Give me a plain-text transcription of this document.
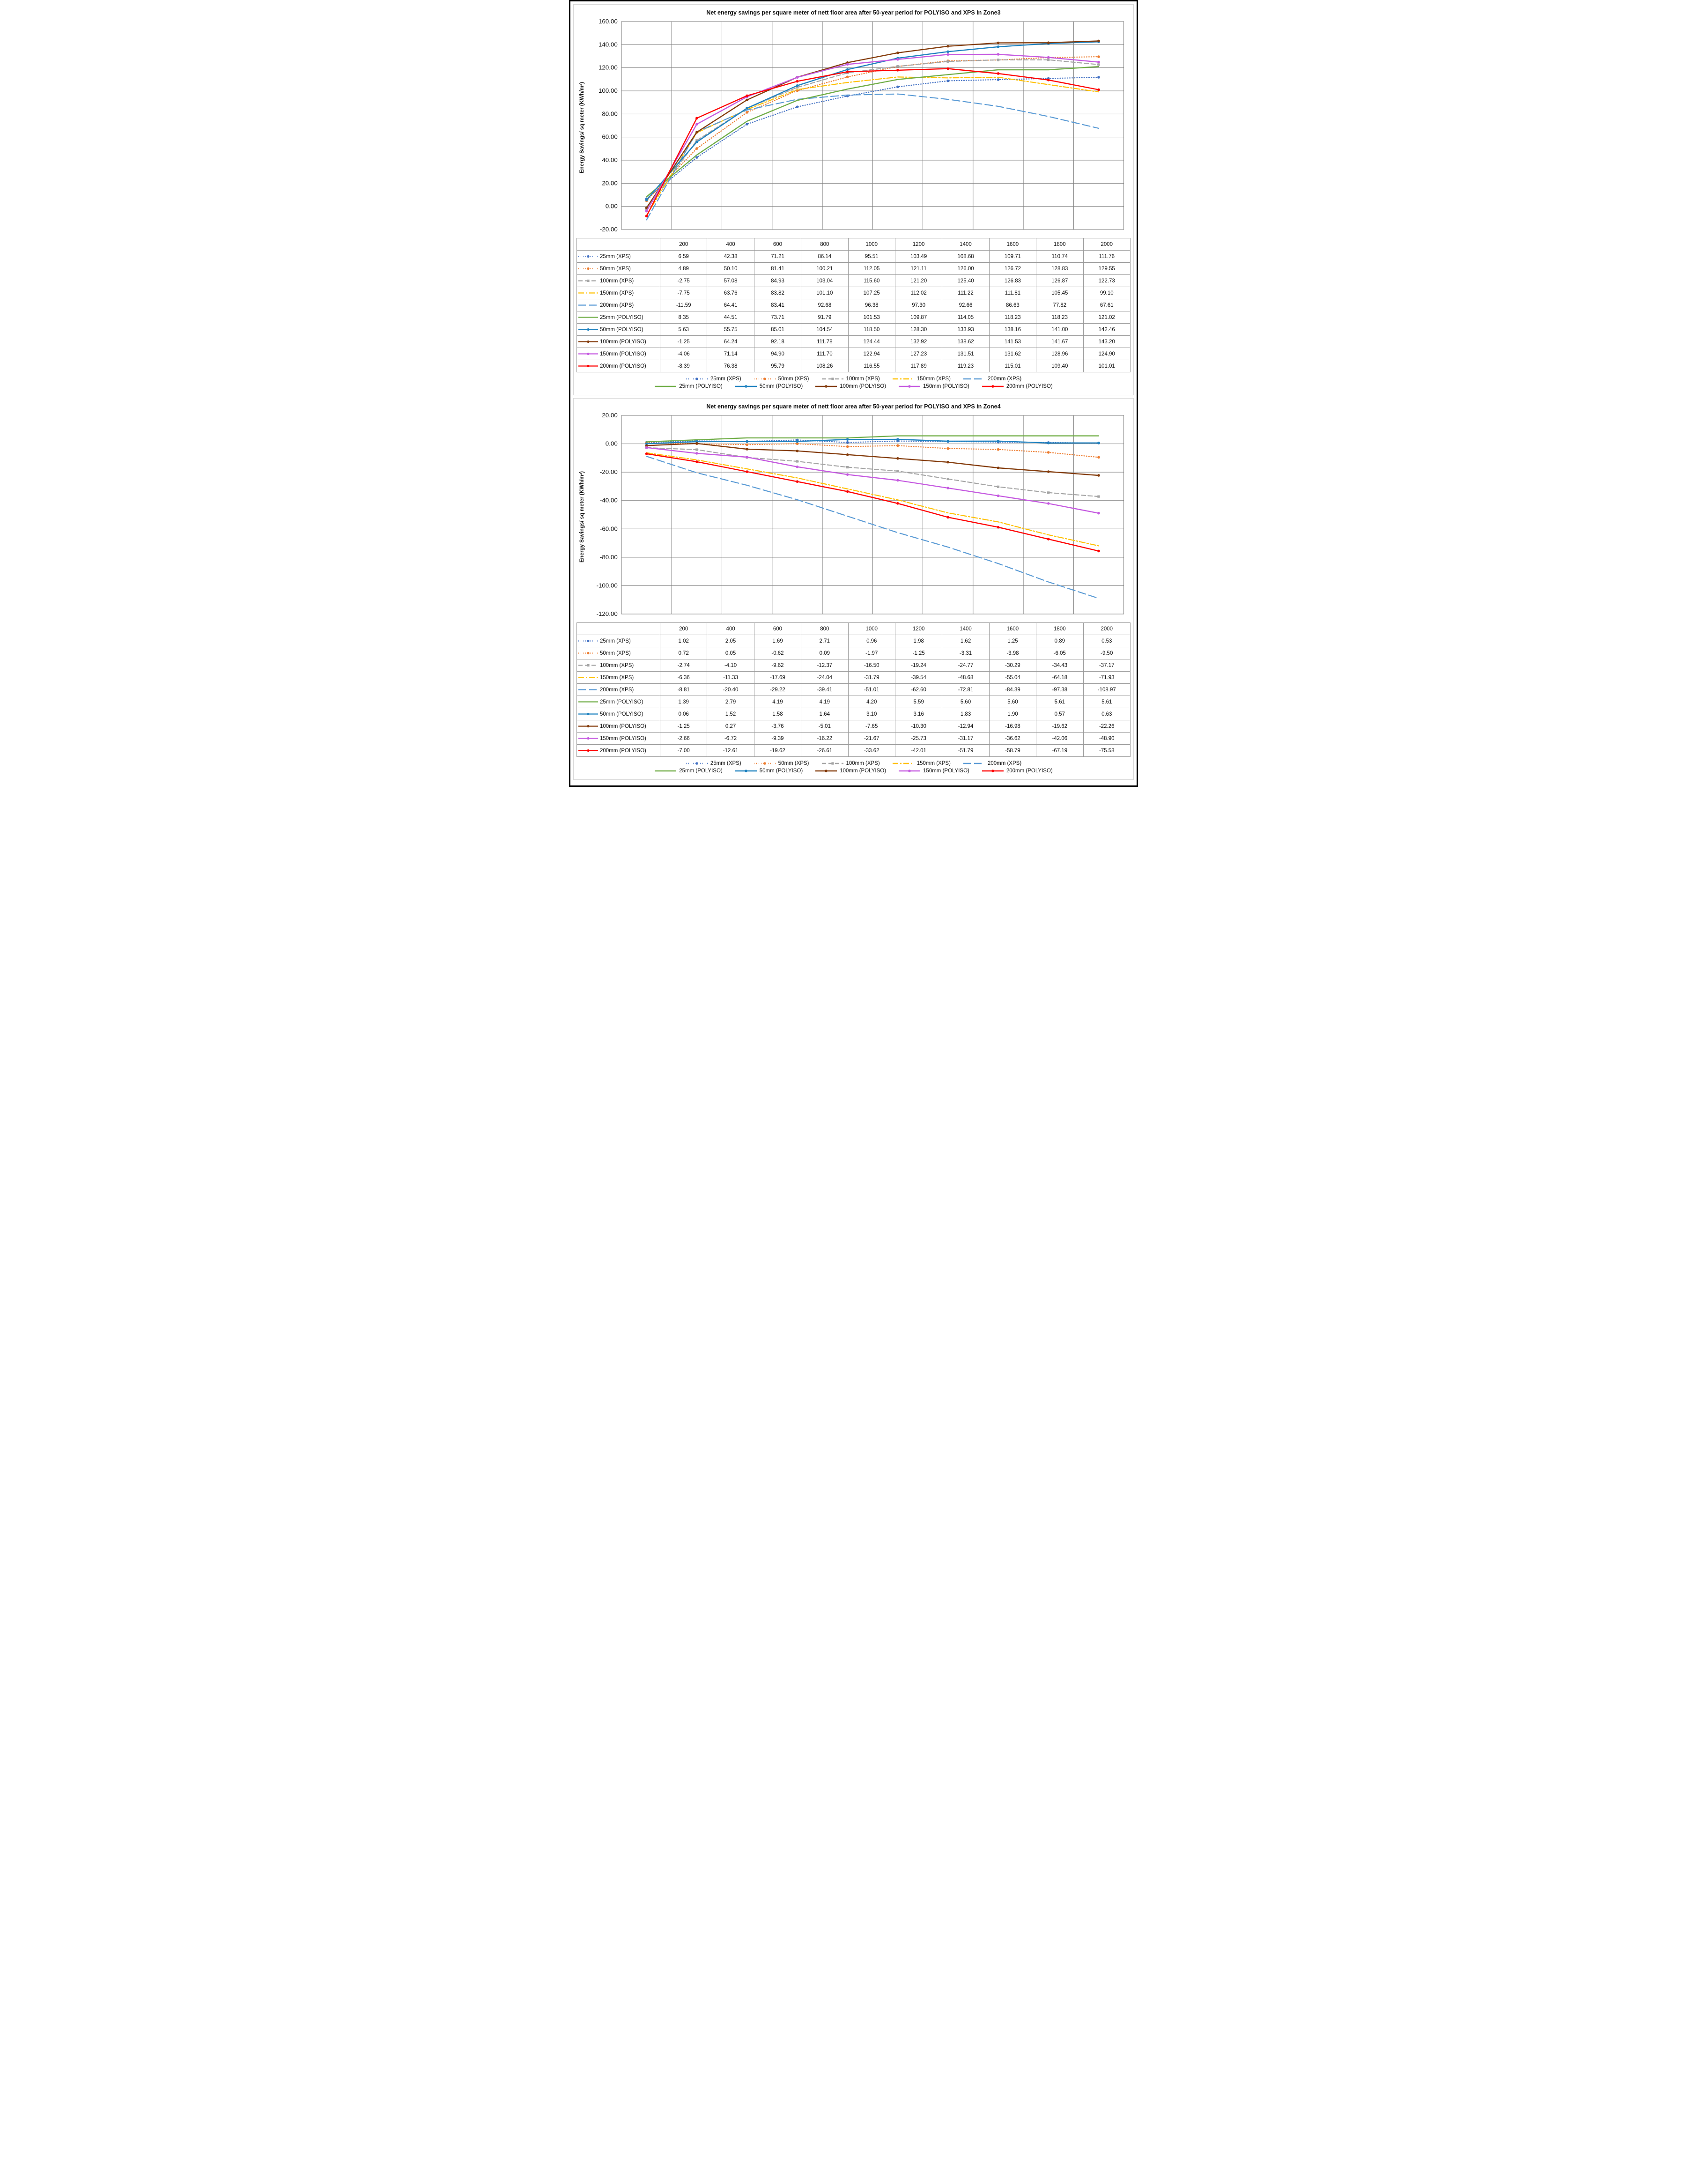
Net energy savings per square meter of nett floor area after 50-year period for POLYISO and XPS in Zone3
Energy Savings/ sq meter (KWh/m²)
-20.00
0.00
20.00
40.00
60.00
80.00
100.00
120.00
140.00
160.00
	200	400	600	800	1000	1200	1400	1600	1800	2000
25mm (XPS)	6.59	42.38	71.21	86.14	95.51	103.49	108.68	109.71	110.74	111.76
50mm (XPS)	4.89	50.10	81.41	100.21	112.05	121.11	126.00	126.72	128.83	129.55
100mm (XPS)	-2.75	57.08	84.93	103.04	115.60	121.20	125.40	126.83	126.87	122.73
150mm (XPS)	-7.75	63.76	83.82	101.10	107.25	112.02	111.22	111.81	105.45	99.10
200mm (XPS)	-11.59	64.41	83.41	92.68	96.38	97.30	92.66	86.63	77.82	67.61
25mm (POLYISO)	8.35	44.51	73.71	91.79	101.53	109.87	114.05	118.23	118.23	121.02
50mm (POLYISO)	5.63	55.75	85.01	104.54	118.50	128.30	133.93	138.16	141.00	142.46
100mm (POLYISO)	-1.25	64.24	92.18	111.78	124.44	132.92	138.62	141.53	141.67	143.20
150mm (POLYISO)	-4.06	71.14	94.90	111.70	122.94	127.23	131.51	131.62	128.96	124.90
200mm (POLYISO)	-8.39	76.38	95.79	108.26	116.55	117.89	119.23	115.01	109.40	101.01
25mm (XPS)	50mm (XPS)	100mm (XPS)	150mm (XPS)	200mm (XPS)
25mm (POLYISO)	50mm (POLYISO)	100mm (POLYISO)	150mm (POLYISO)	200mm (POLYISO)
Net energy savings per square meter of nett floor area after 50-year period for POLYISO and XPS in Zone4
Energy Savings/ sq meter (KWh/m²)
-120.00
-100.00
-80.00
-60.00
-40.00
-20.00
0.00
20.00
	200	400	600	800	1000	1200	1400	1600	1800	2000
25mm (XPS)	1.02	2.05	1.69	2.71	0.96	1.98	1.62	1.25	0.89	0.53
50mm (XPS)	0.72	0.05	-0.62	0.09	-1.97	-1.25	-3.31	-3.98	-6.05	-9.50
100mm (XPS)	-2.74	-4.10	-9.62	-12.37	-16.50	-19.24	-24.77	-30.29	-34.43	-37.17
150mm (XPS)	-6.36	-11.33	-17.69	-24.04	-31.79	-39.54	-48.68	-55.04	-64.18	-71.93
200mm (XPS)	-8.81	-20.40	-29.22	-39.41	-51.01	-62.60	-72.81	-84.39	-97.38	-108.97
25mm (POLYISO)	1.39	2.79	4.19	4.19	4.20	5.59	5.60	5.60	5.61	5.61
50mm (POLYISO)	0.06	1.52	1.58	1.64	3.10	3.16	1.83	1.90	0.57	0.63
100mm (POLYISO)	-1.25	0.27	-3.76	-5.01	-7.65	-10.30	-12.94	-16.98	-19.62	-22.26
150mm (POLYISO)	-2.66	-6.72	-9.39	-16.22	-21.67	-25.73	-31.17	-36.62	-42.06	-48.90
200mm (POLYISO)	-7.00	-12.61	-19.62	-26.61	-33.62	-42.01	-51.79	-58.79	-67.19	-75.58
25mm (XPS)	50mm (XPS)	100mm (XPS)	150mm (XPS)	200mm (XPS)
25mm (POLYISO)	50mm (POLYISO)	100mm (POLYISO)	150mm (POLYISO)	200mm (POLYISO)
